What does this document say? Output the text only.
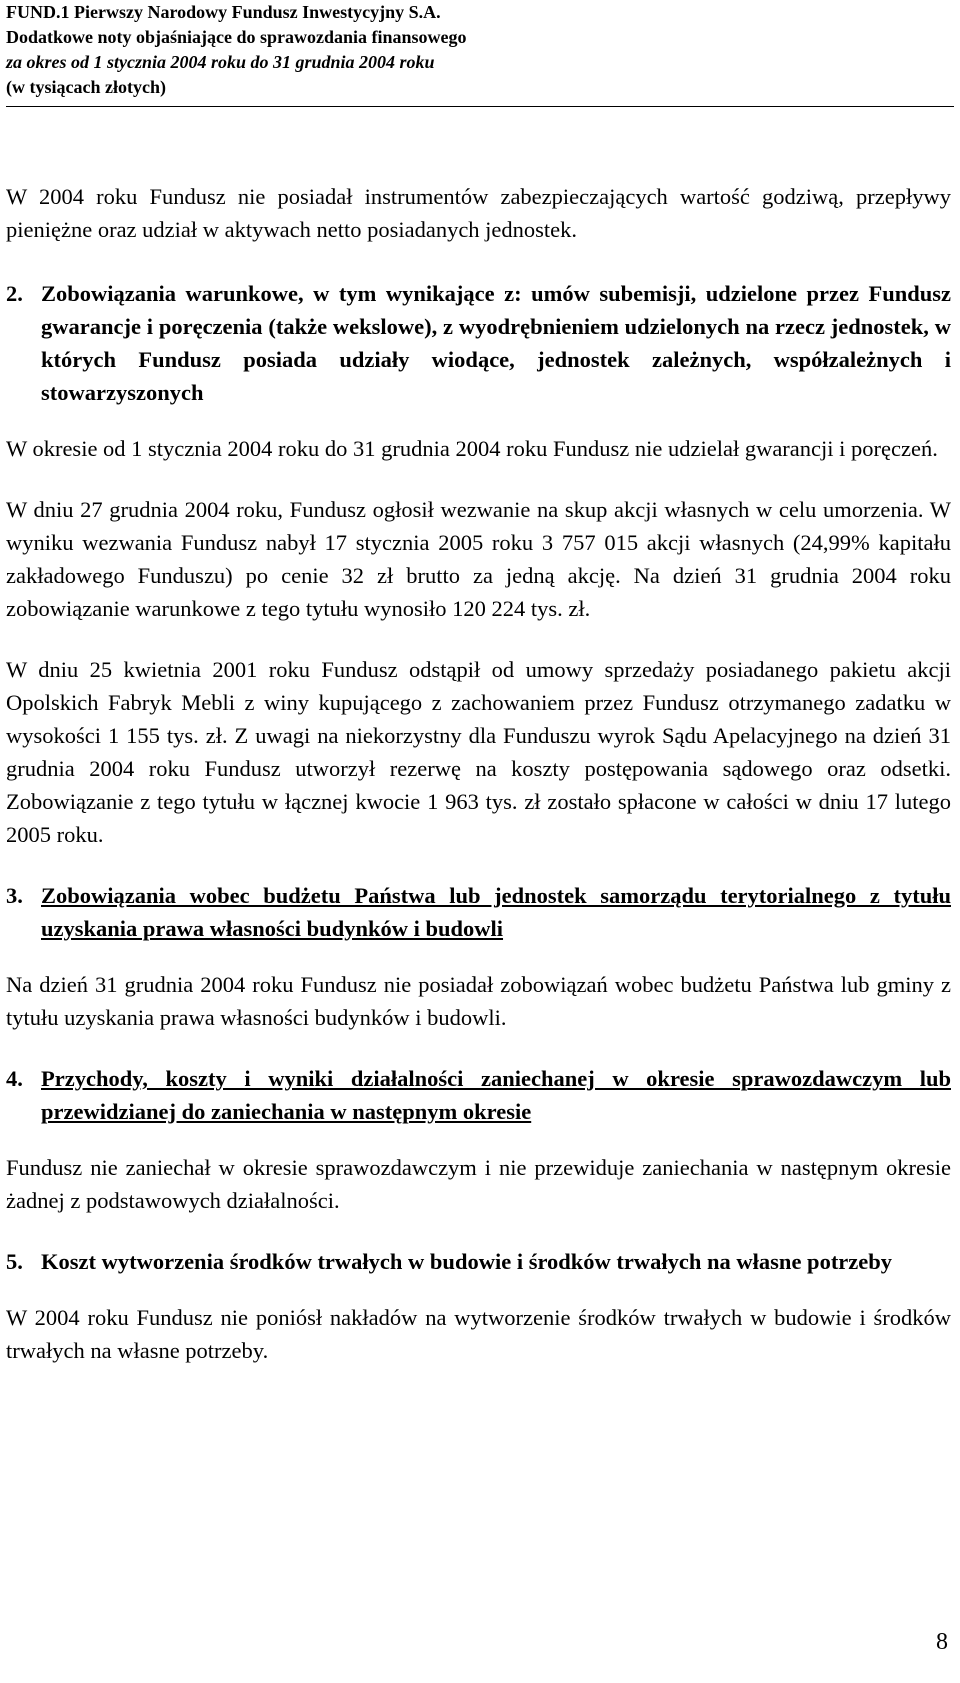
FUND.1 Pierwszy Narodowy Fundusz Inwestycyjny S.A.
Dodatkowe noty objaśniające do sprawozdania finansowego
za okres od 1 stycznia 2004 roku do 31 grudnia 2004 roku
(w tysiącach złotych)

W 2004 roku Fundusz nie posiadał instrumentów zabezpieczających wartość godziwą, przepływy pieniężne oraz udział w aktywach netto posiadanych jednostek.

2. Zobowiązania warunkowe, w tym wynikające z: umów subemisji, udzielone przez Fundusz gwarancje i poręczenia (także wekslowe), z wyodrębnieniem udzielonych na rzecz jednostek, w których Fundusz posiada udziały wiodące, jednostek zależnych, współzależnych i stowarzyszonych

W okresie od 1 stycznia 2004 roku do 31 grudnia 2004 roku Fundusz nie udzielał gwarancji i poręczeń.

W dniu 27 grudnia 2004 roku, Fundusz ogłosił wezwanie na skup akcji własnych w celu umorzenia. W wyniku wezwania Fundusz nabył 17 stycznia 2005 roku 3 757 015 akcji własnych (24,99% kapitału zakładowego Funduszu) po cenie 32 zł brutto za jedną akcję. Na dzień 31 grudnia 2004 roku zobowiązanie warunkowe z tego tytułu wynosiło 120 224 tys. zł.

W dniu 25 kwietnia 2001 roku Fundusz odstąpił od umowy sprzedaży posiadanego pakietu akcji Opolskich Fabryk Mebli z winy kupującego z zachowaniem przez Fundusz otrzymanego zadatku w wysokości 1 155 tys. zł. Z uwagi na niekorzystny dla Funduszu wyrok Sądu Apelacyjnego na dzień 31 grudnia 2004 roku Fundusz utworzył rezerwę na koszty postępowania sądowego oraz odsetki. Zobowiązanie z tego tytułu w łącznej kwocie 1 963 tys. zł zostało spłacone w całości w dniu 17 lutego 2005 roku.

3. Zobowiązania wobec budżetu Państwa lub jednostek samorządu terytorialnego z tytułu uzyskania prawa własności budynków i budowli

Na dzień 31 grudnia 2004 roku Fundusz nie posiadał zobowiązań wobec budżetu Państwa lub gminy z tytułu uzyskania prawa własności budynków i budowli.

4. Przychody, koszty i wyniki działalności zaniechanej w okresie sprawozdawczym lub przewidzianej do zaniechania w następnym okresie

Fundusz nie zaniechał w okresie sprawozdawczym i nie przewiduje zaniechania w następnym okresie żadnej z podstawowych działalności.

5. Koszt wytworzenia środków trwałych w budowie i środków trwałych na własne potrzeby

W 2004 roku Fundusz nie poniósł nakładów na wytworzenie środków trwałych w budowie i środków trwałych na własne potrzeby.

8
